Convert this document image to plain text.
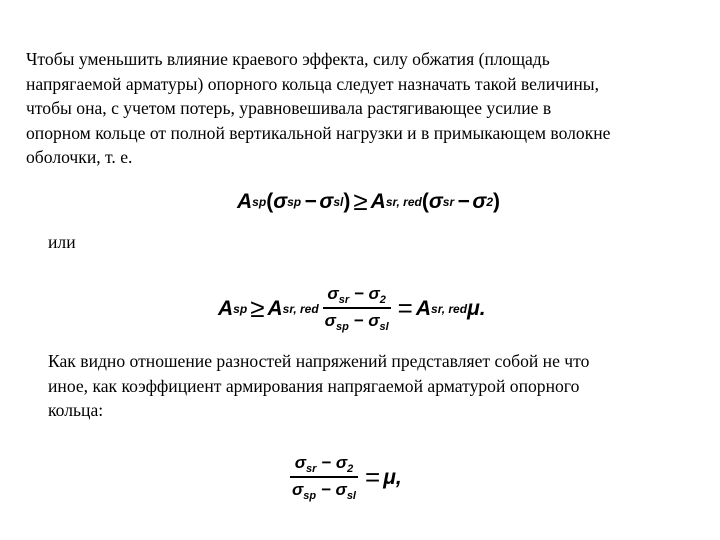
Чтобы уменьшить влияние краевого эффекта, силу обжатия (площадь
напрягаемой арматуры) опорного кольца следует назначать такой величины,
чтобы она, с учетом потерь, уравновешивала растягивающее усилие в
опорном кольце от полной вертикальной нагрузки и в примыкающем волокне
оболочки, т. е.

A sp ( σ sp − σ sl ) ≥ A sr, red ( σ sr − σ 2 )

или

A sp ≥ A sr, red $\frac{\sigma_{sr} - \sigma_2}{\sigma_{sp} - \sigma_{sl}} = A$ sr, red μ .

Как видно отношение разностей напряжений представляет собой не что
иное, как коэффициент армирования напрягаемой арматурой опорного
кольца:

$\frac{\sigma_{sr} - \sigma_2}{\sigma_{sp} - \sigma_{sl}} = \mu$ ,
